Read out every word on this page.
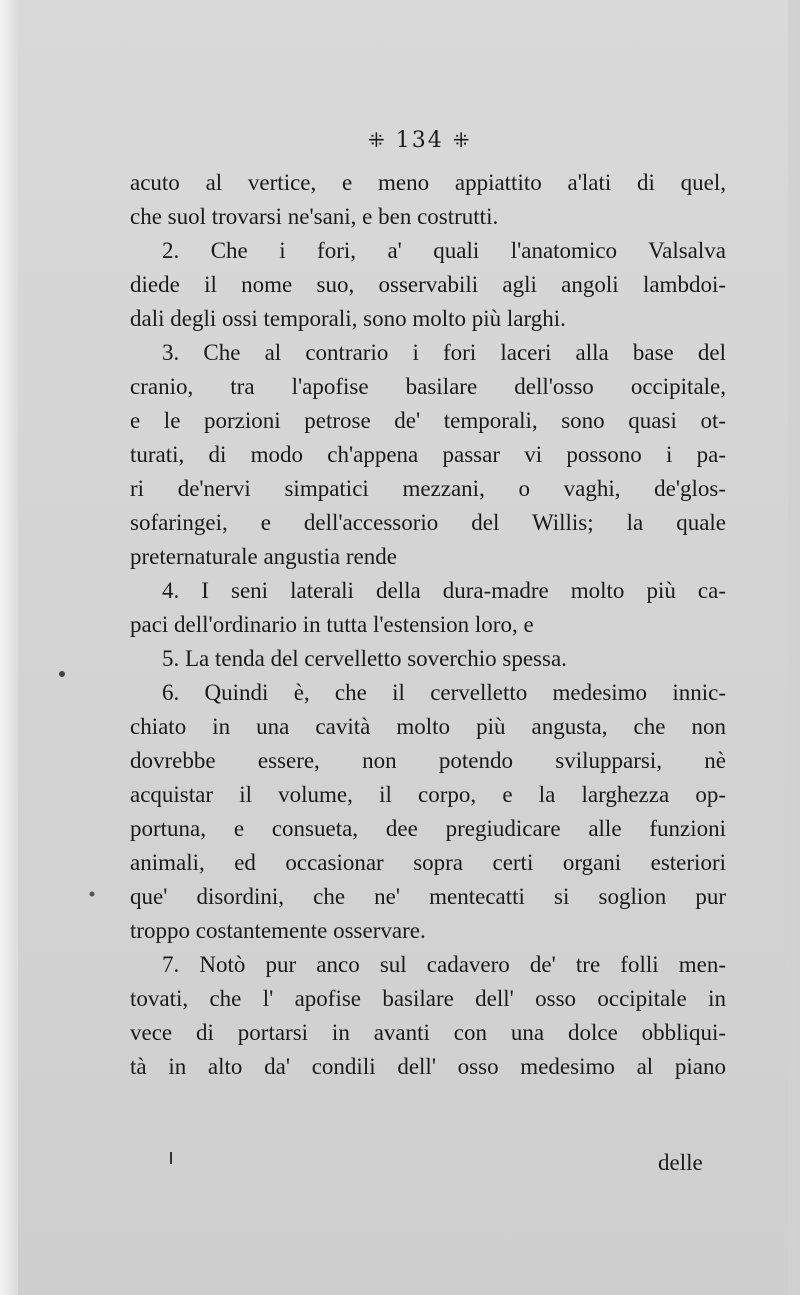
⁜ 134 ⁜
acuto al vertice, e meno appiattito a'lati di quel,
che suol trovarsi ne'sani, e ben costrutti.
2. Che i fori, a' quali l'anatomico Valsalva
diede il nome suo, osservabili agli angoli lambdoi-
dali degli ossi temporali, sono molto più larghi.
3. Che al contrario i fori laceri alla base del
cranio, tra l'apofise basilare dell'osso occipitale,
e le porzioni petrose de' temporali, sono quasi ot-
turati, di modo ch'appena passar vi possono i pa-
ri de'nervi simpatici mezzani, o vaghi, de'glos-
sofaringei, e dell'accessorio del Willis; la quale
preternaturale angustia rende
4. I seni laterali della dura-madre molto più ca-
paci dell'ordinario in tutta l'estension loro, e
5. La tenda del cervelletto soverchio spessa.
6. Quindi è, che il cervelletto medesimo innic-
chiato in una cavità molto più angusta, che non
dovrebbe essere, non potendo svilupparsi, nè
acquistar il volume, il corpo, e la larghezza op-
portuna, e consueta, dee pregiudicare alle funzioni
animali, ed occasionar sopra certi organi esteriori
que' disordini, che ne' mentecatti si soglion pur
troppo costantemente osservare.
7. Notò pur anco sul cadavero de' tre folli men-
tovati, che l' apofise basilare dell' osso occipitale in
vece di portarsi in avanti con una dolce obbliqui-
tà in alto da' condili dell' osso medesimo al piano
delle
